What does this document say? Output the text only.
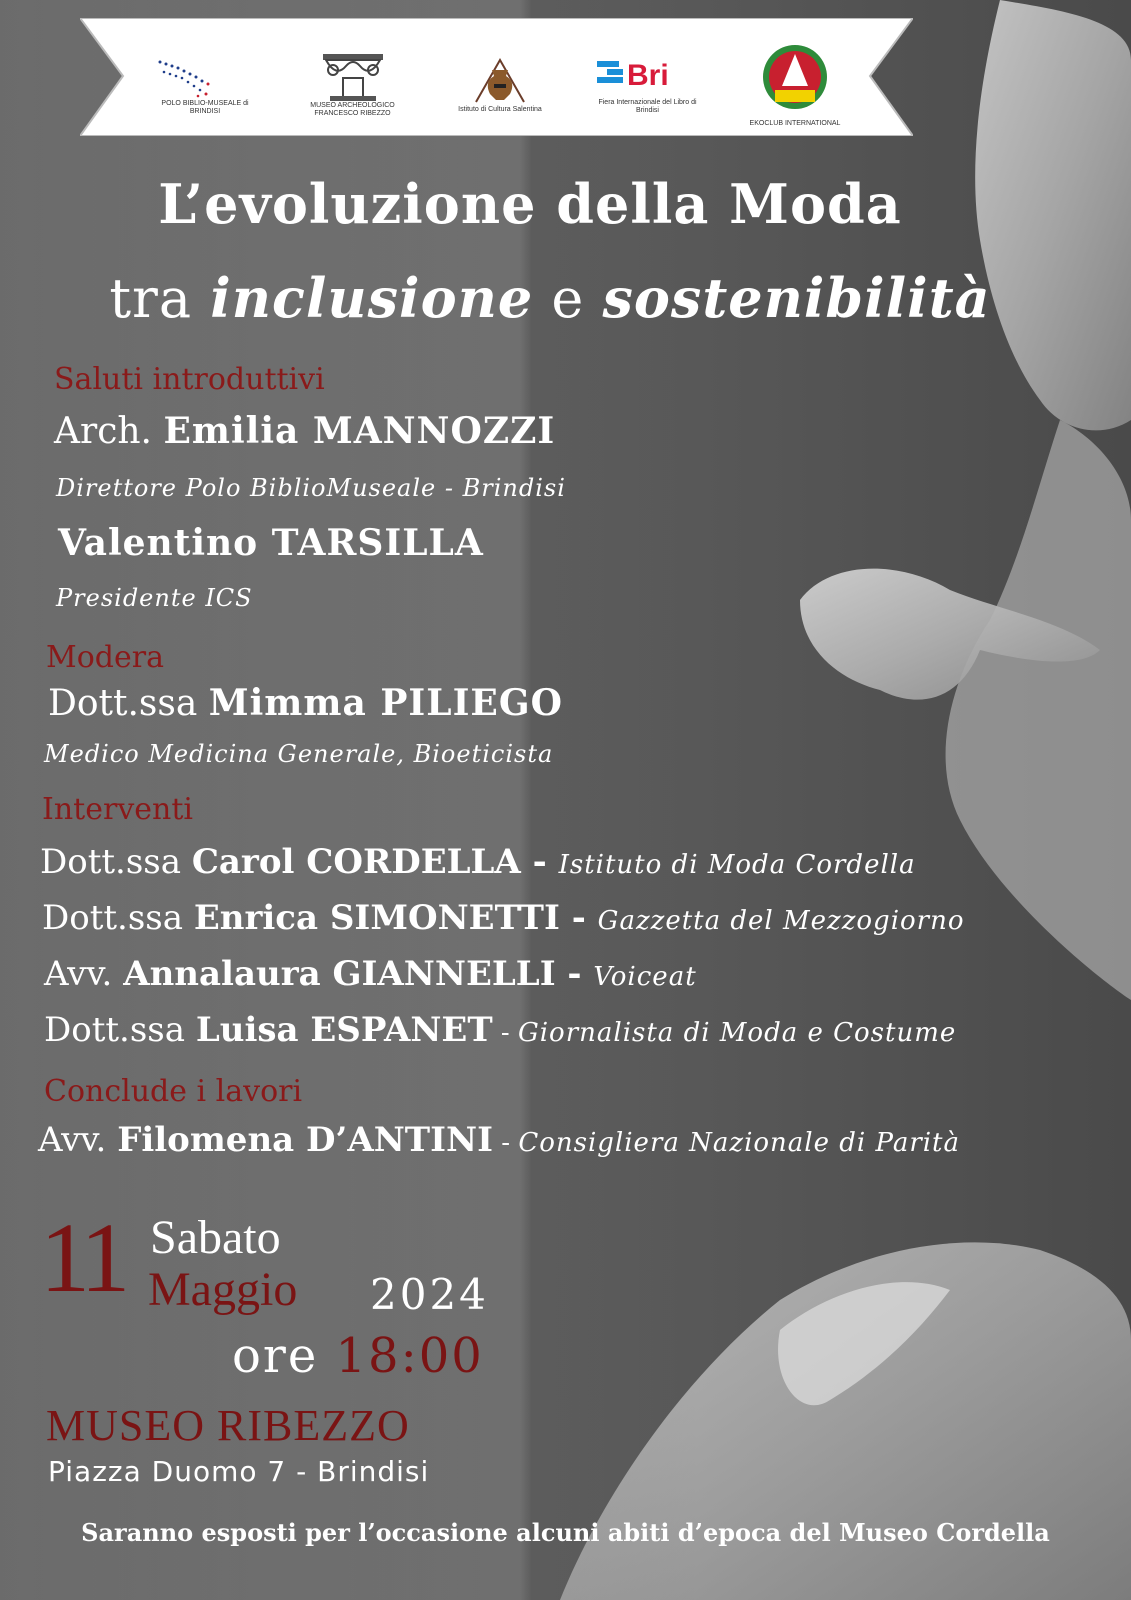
POLO BIBLIO-MUSEALE di BRINDISI
MUSEO ARCHEOLOGICO FRANCESCO RIBEZZO
Istituto di Cultura Salentina
Bri
Fiera Internazionale del Libro di Brindisi
EKOCLUB INTERNATIONAL
L’evoluzione della Moda
tra inclusione e sostenibilità
Saluti introduttivi
Arch. Emilia MANNOZZI
Direttore Polo BiblioMuseale - Brindisi
Valentino TARSILLA
Presidente ICS
Modera
Dott.ssa Mimma PILIEGO
Medico Medicina Generale, Bioeticista
Interventi
Dott.ssa Carol CORDELLA - Istituto di Moda Cordella
Dott.ssa Enrica SIMONETTI - Gazzetta del Mezzogiorno
Avv. Annalaura GIANNELLI - Voiceat
Dott.ssa Luisa ESPANET - Giornalista di Moda e Costume
Conclude i lavori
Avv. Filomena D’ANTINI - Consigliera Nazionale di Parità
11 Sabato
Maggio 2024
ore 18:00
MUSEO RIBEZZO
Piazza Duomo 7 - Brindisi
Saranno esposti per l’occasione alcuni abiti d’epoca del Museo Cordella
